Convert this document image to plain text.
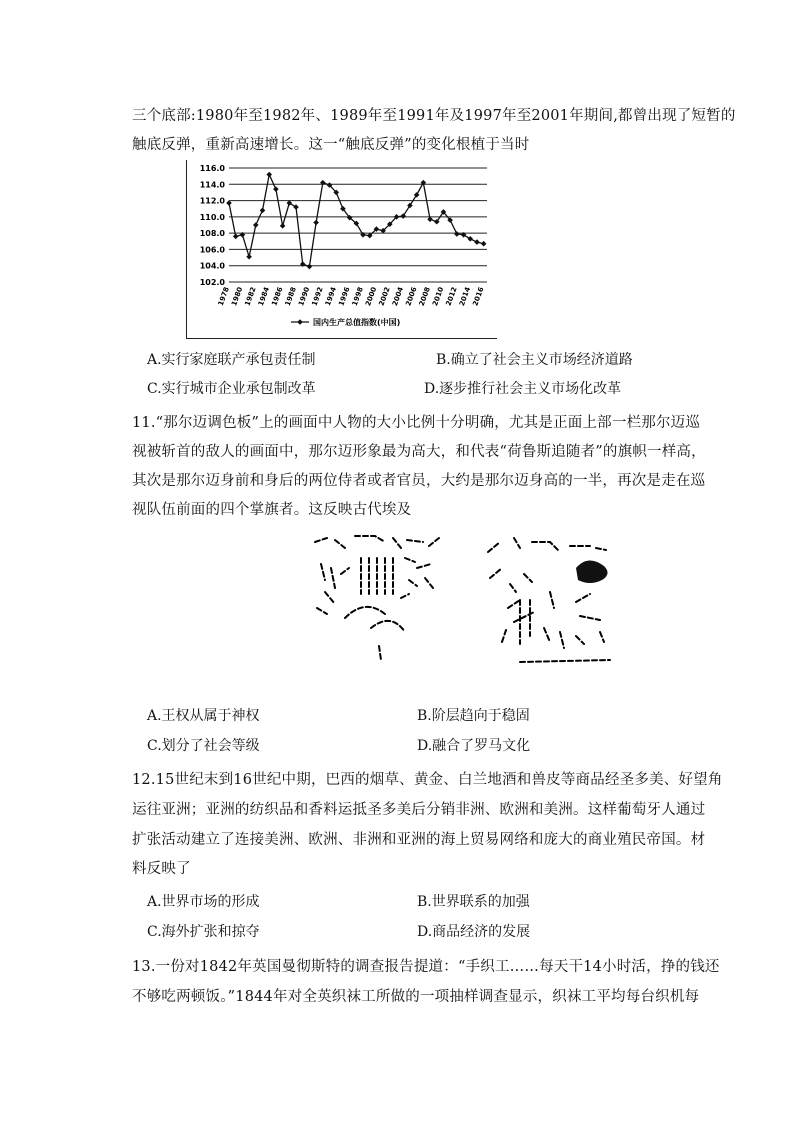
三个底部:1980年至1982年、1989年至1991年及1997年至2001年期间,都曾出现了短暂的
触底反弹，重新高速增长。这一“触底反弹”的变化根植于当时
102.0
104.0
106.0
108.0
110.0
112.0
114.0
116.0
1978 1980 1982 1984 1986 1988 1990 1992 1994 1996 1998 2000 2002 2004 2006 2008 2010 2012 2014 2016
国内生产总值指数(中国)
A.实行家庭联产承包责任制	B.确立了社会主义市场经济道路
C.实行城市企业承包制改革	D.逐步推行社会主义市场化改革
11.“那尔迈调色板”上的画面中人物的大小比例十分明确，尤其是正面上部一栏那尔迈巡
视被斩首的敌人的画面中，那尔迈形象最为高大，和代表“荷鲁斯追随者”的旗帜一样高，
其次是那尔迈身前和身后的两位侍者或者官员，大约是那尔迈身高的一半，再次是走在巡
视队伍前面的四个掌旗者。这反映古代埃及
A.王权从属于神权	B.阶层趋向于稳固
C.划分了社会等级	D.融合了罗马文化
12.15世纪末到16世纪中期，巴西的烟草、黄金、白兰地酒和兽皮等商品经圣多美、好望角
运往亚洲；亚洲的纺织品和香料运抵圣多美后分销非洲、欧洲和美洲。这样葡萄牙人通过
扩张活动建立了连接美洲、欧洲、非洲和亚洲的海上贸易网络和庞大的商业殖民帝国。材
料反映了
A.世界市场的形成	B.世界联系的加强
C.海外扩张和掠夺	D.商品经济的发展
13.一份对1842年英国曼彻斯特的调查报告提道：“手织工……每天干14小时活，挣的钱还
不够吃两顿饭。”1844年对全英织袜工所做的一项抽样调查显示，织袜工平均每台织机每
